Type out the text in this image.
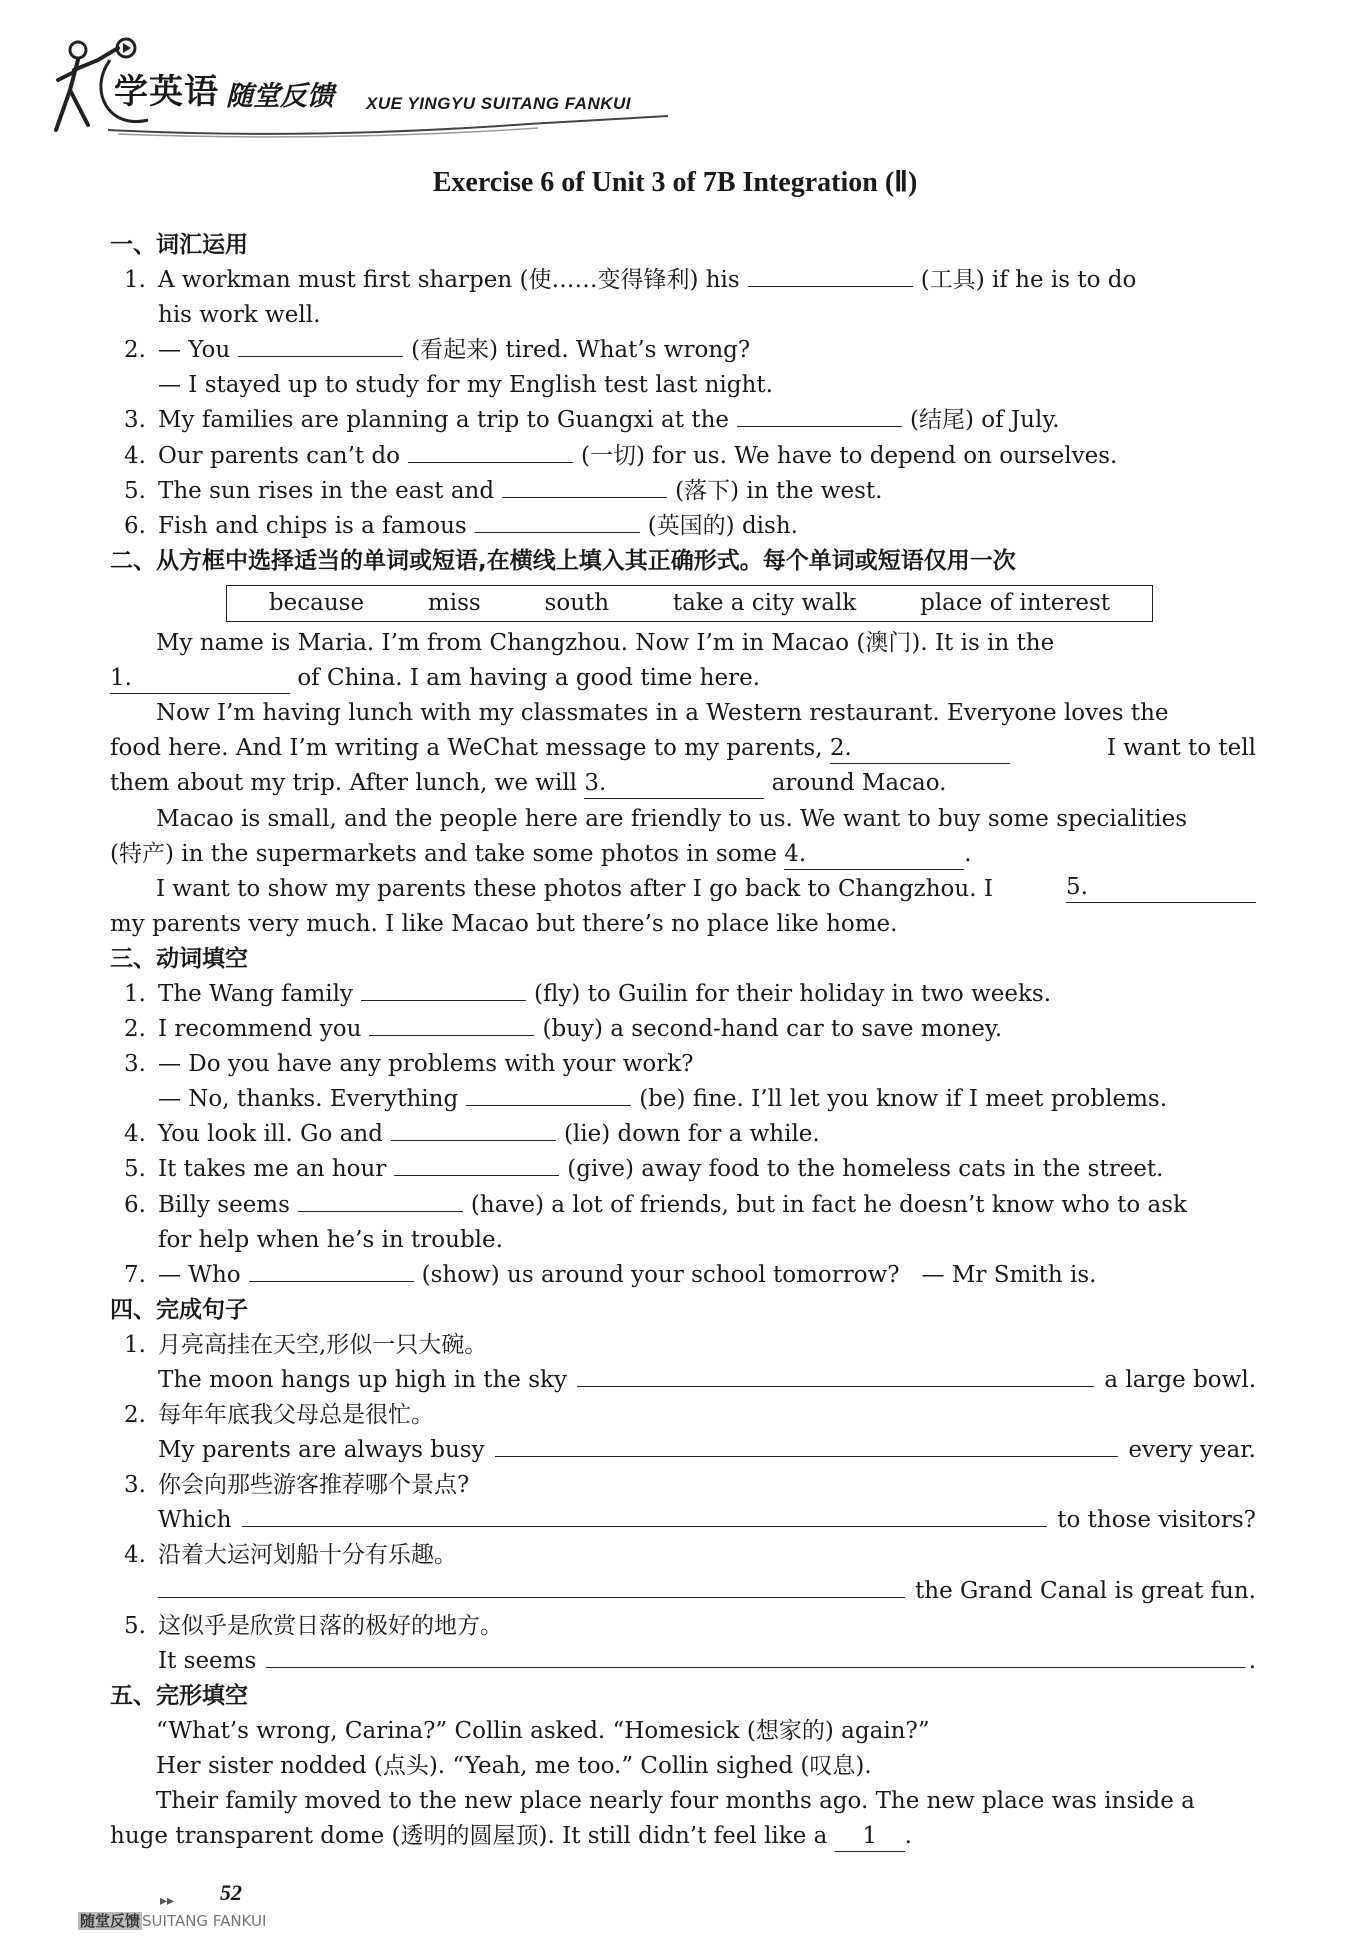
学英语 随堂反馈 XUE YINGYU SUITANG FANKUI
Exercise 6 of Unit 3 of 7B Integration (Ⅱ)
一、词汇运用
1. A workman must first sharpen (使……变得锋利) his	(工具) if he is to do
his work well.
2. — You	(看起来) tired. What’s wrong?
— I stayed up to study for my English test last night.
3. My families are planning a trip to Guangxi at the	(结尾) of July.
4. Our parents can’t do	(一切) for us. We have to depend on ourselves.
5. The sun rises in the east and	(落下) in the west.
6. Fish and chips is a famous	(英国的) dish.
二、从方框中选择适当的单词或短语,在横线上填入其正确形式。每个单词或短语仅用一次
because	miss	south	take a city walk	place of interest
My name is Maria. I’m from Changzhou. Now I’m in Macao (澳门). It is in the
1.	of China. I am having a good time here.
Now I’m having lunch with my classmates in a Western restaurant. Everyone loves the
food here. And I’m writing a WeChat message to my parents, 2.	I want to tell
them about my trip. After lunch, we will 3.	around Macao.
Macao is small, and the people here are friendly to us. We want to buy some specialities
(特产) in the supermarkets and take some photos in some 4.	.
I want to show my parents these photos after I go back to Changzhou. I	5.
my parents very much. I like Macao but there’s no place like home.
三、动词填空
1. The Wang family	(fly) to Guilin for their holiday in two weeks.
2. I recommend you	(buy) a second-hand car to save money.
3. — Do you have any problems with your work?
— No, thanks. Everything	(be) fine. I’ll let you know if I meet problems.
4. You look ill. Go and	(lie) down for a while.
5. It takes me an hour	(give) away food to the homeless cats in the street.
6. Billy seems	(have) a lot of friends, but in fact he doesn’t know who to ask
for help when he’s in trouble.
7. — Who	(show) us around your school tomorrow? — Mr Smith is.
四、完成句子
1. 月亮高挂在天空,形似一只大碗。
The moon hangs up high in the sky	a large bowl.
2. 每年年底我父母总是很忙。
My parents are always busy	every year.
3. 你会向那些游客推荐哪个景点?
Which	to those visitors?
4. 沿着大运河划船十分有乐趣。
the Grand Canal is great fun.
5. 这似乎是欣赏日落的极好的地方。
It seems	.
五、完形填空
“What’s wrong, Carina?” Collin asked. “Homesick (想家的) again?”
Her sister nodded (点头). “Yeah, me too.” Collin sighed (叹息).
Their family moved to the new place nearly four months ago. The new place was inside a
huge transparent dome (透明的圆屋顶). It still didn’t feel like a 1 .
▸▸ 52
随堂反馈 SUITANG FANKUI
